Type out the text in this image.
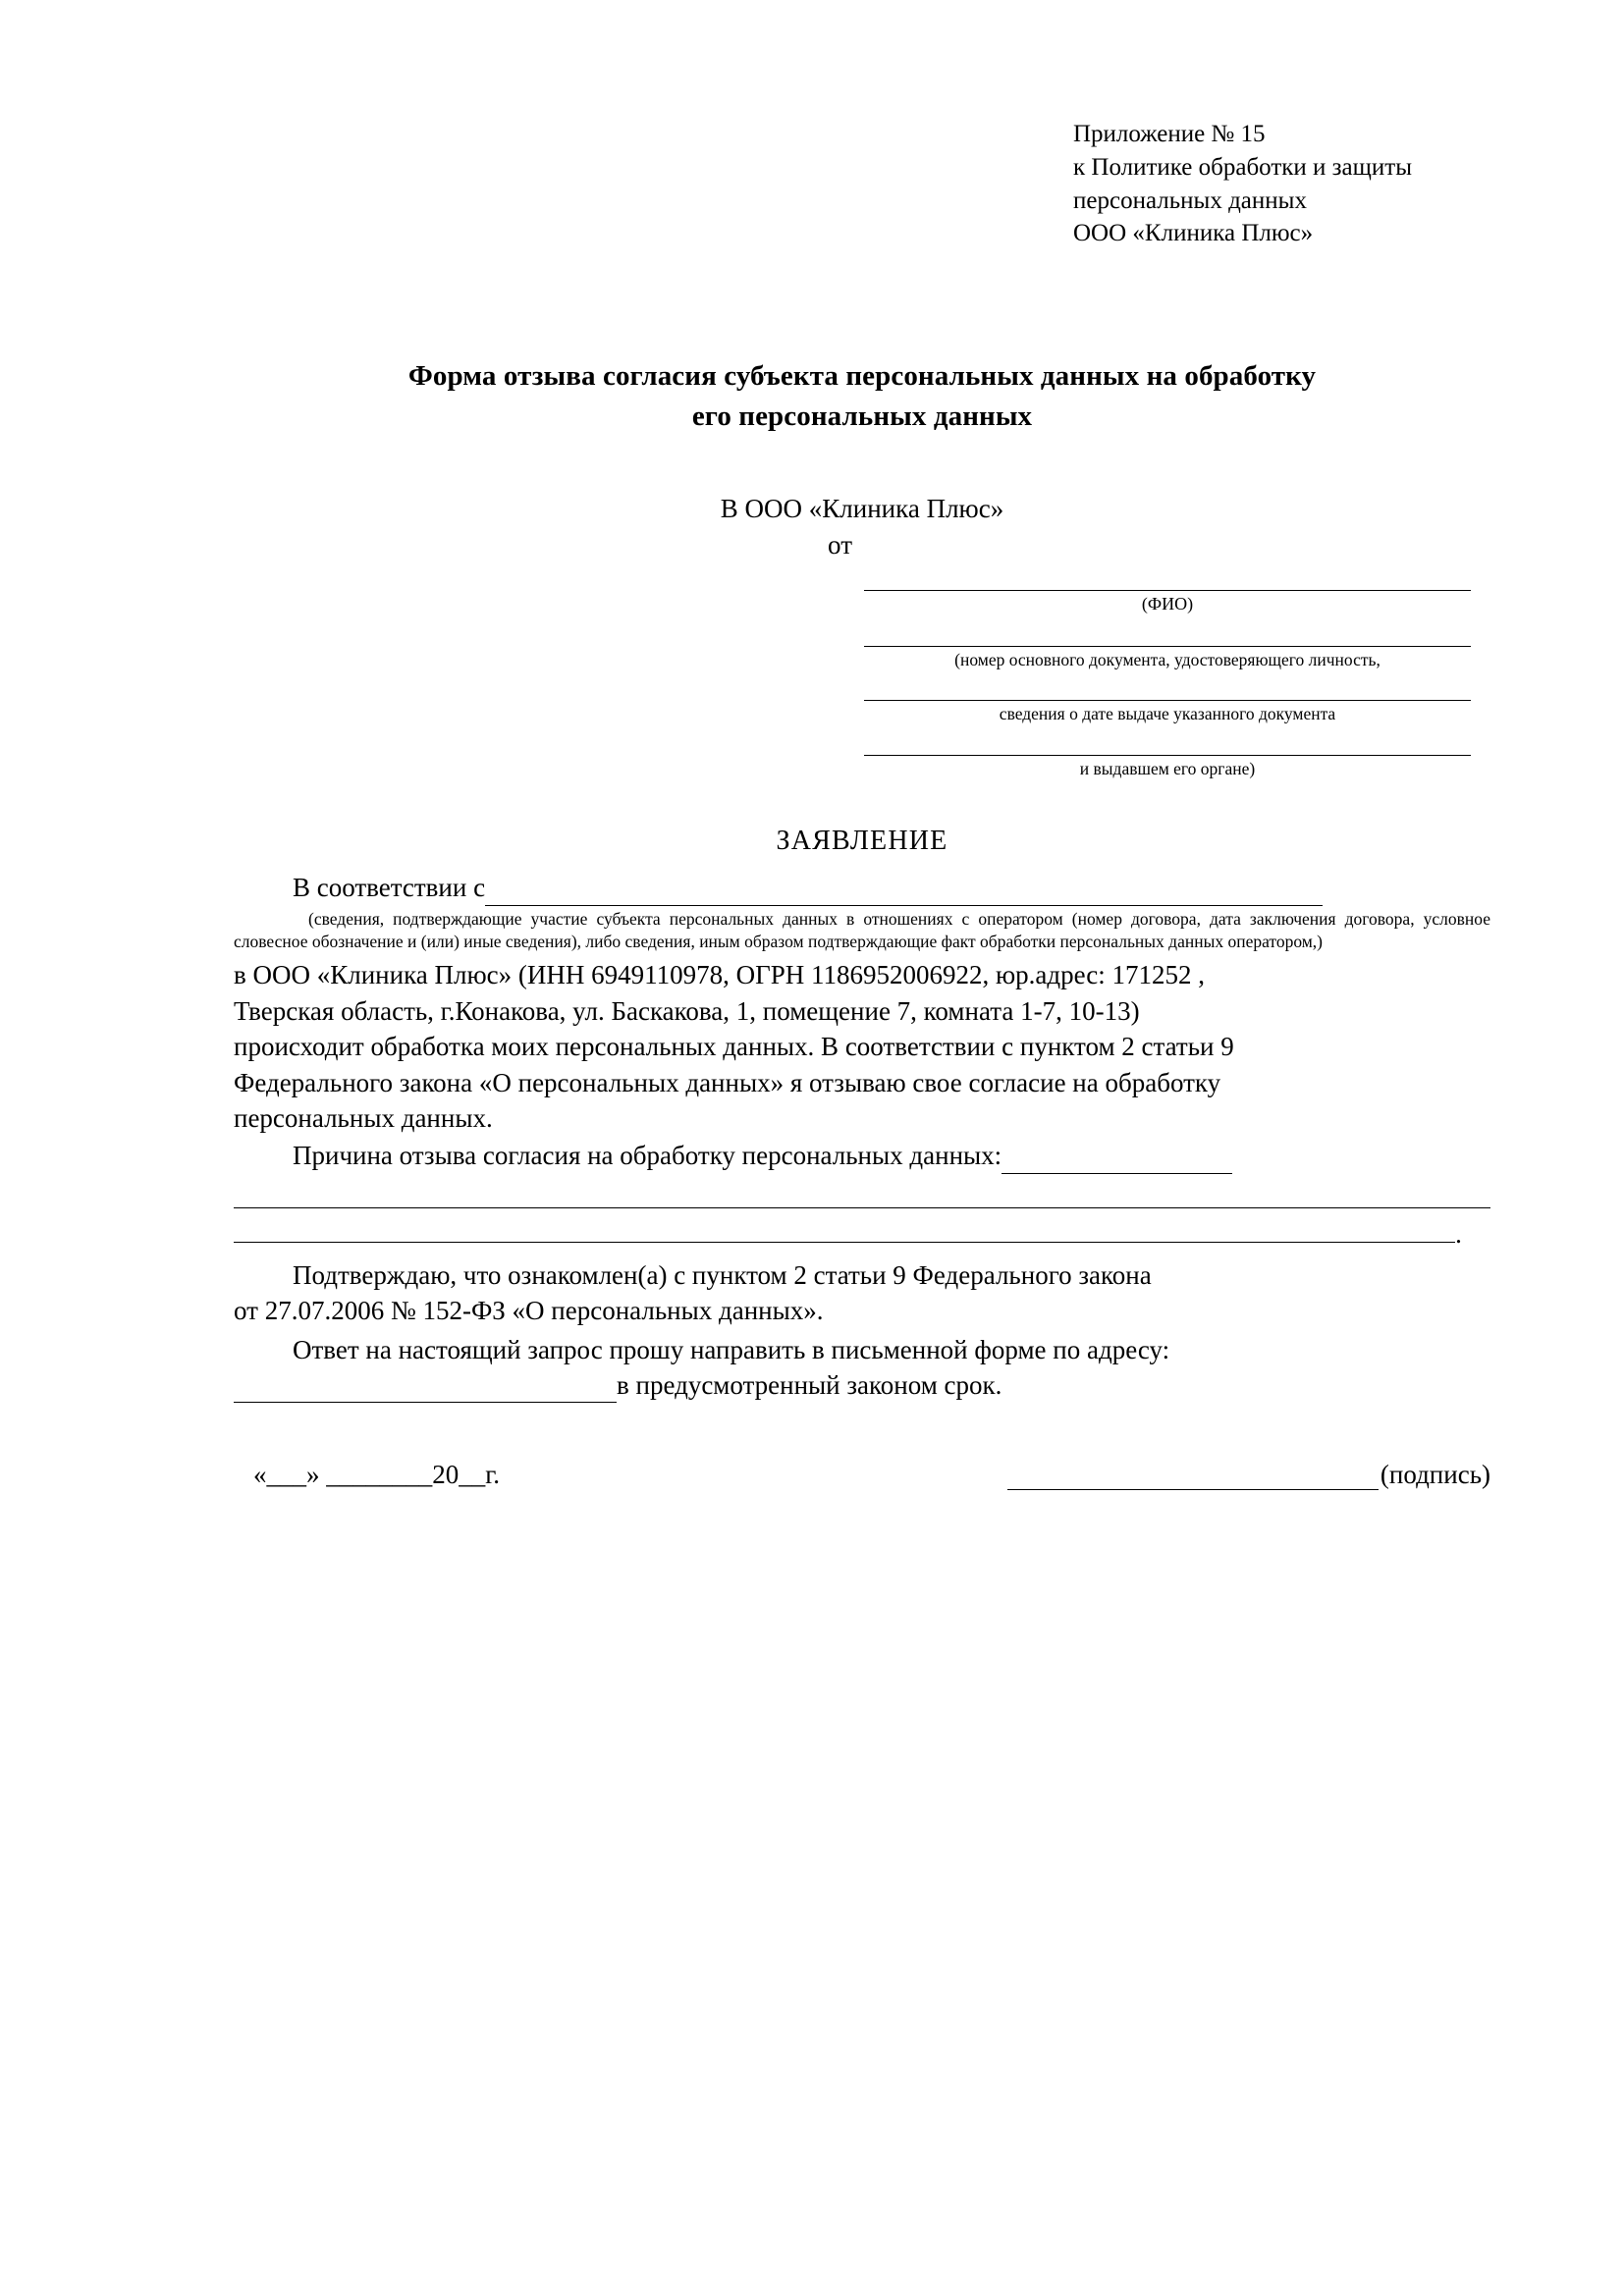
Приложение № 15
к Политике обработки и защиты
персональных данных
ООО «Клиника Плюс»
Форма отзыва согласия субъекта персональных данных на обработку
его персональных данных
В ООО «Клиника Плюс»
от
(ФИО)
(номер основного документа, удостоверяющего личность,
сведения о дате выдаче указанного документа
и выдавшем его органе)
ЗАЯВЛЕНИЕ
В соответствии с
(сведения, подтверждающие участие субъекта персональных данных в отношениях с оператором (номер договора, дата заключения договора, условное словесное обозначение и (или) иные сведения), либо сведения, иным образом подтверждающие факт обработки персональных данных оператором,)

в ООО «Клиника Плюс» (ИНН 6949110978, ОГРН 1186952006922, юр.адрес: 171252 ,

Тверская область, г.Конакова, ул. Баскакова, 1, помещение 7, комната 1-7, 10-13)

происходит обработка моих персональных данных. В соответствии с пунктом 2 статьи 9

Федерального закона «О персональных данных» я отзываю свое согласие на обработку

персональных данных.

Причина отзыва согласия на обработку персональных данных:
.
Подтверждаю, что ознакомлен(а) с пунктом 2 статьи 9 Федерального закона
от 27.07.2006 № 152-ФЗ «О персональных данных».
Ответ на настоящий запрос прошу направить в письменной форме по адресу:
в предусмотренный законом срок.
«___» ________20__г.	(подпись)
